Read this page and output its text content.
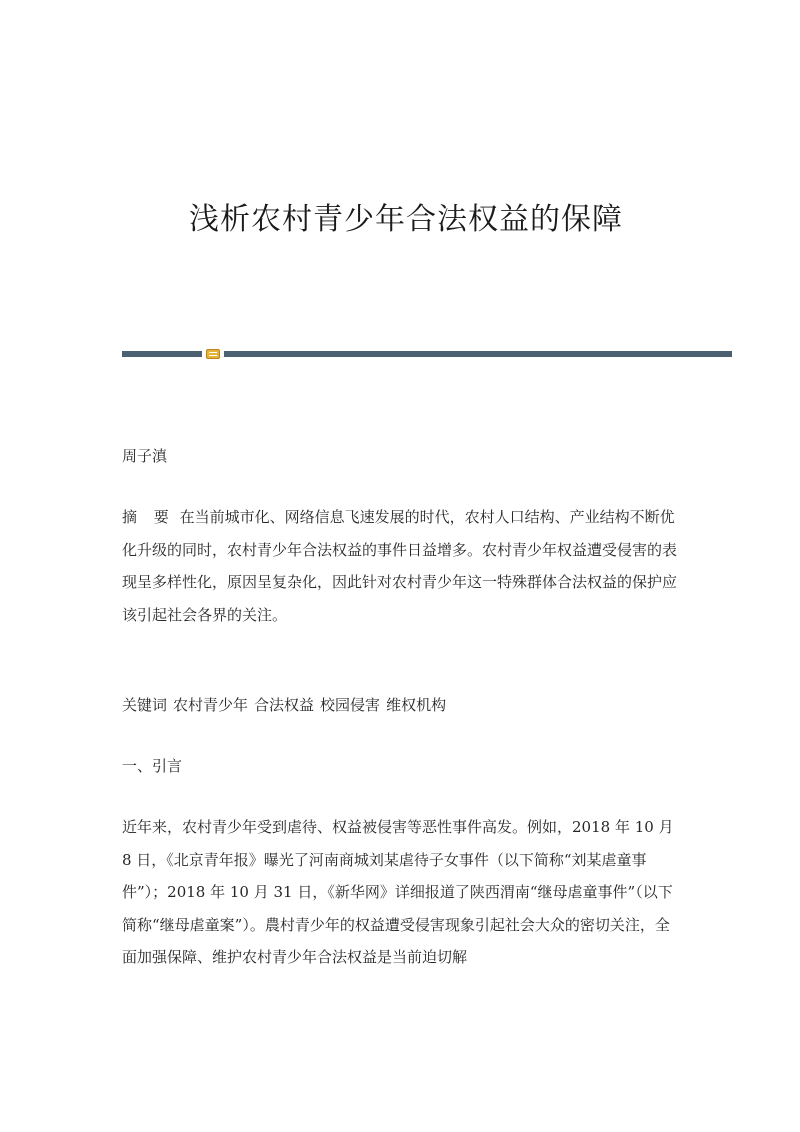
浅析农村青少年合法权益的保障
周子滇
摘 要 在当前城市化、网络信息飞速发展的时代，农村人口结构、产业结构不断优化升级的同时，农村青少年合法权益的事件日益增多。农村青少年权益遭受侵害的表现呈多样性化，原因呈复杂化，因此针对农村青少年这一特殊群体合法权益的保护应该引起社会各界的关注。
关键词 农村青少年 合法权益 校园侵害 维权机构
一、引言
近年来，农村青少年受到虐待、权益被侵害等恶性事件高发。例如，2018 年 10 月 8 日，《北京青年报》曝光了河南商城刘某虐待子女事件（以下简称“刘某虐童事件”）；2018 年 10 月 31 日，《新华网》详细报道了陕西渭南“继母虐童事件”（以下简称“继母虐童案”）。農村青少年的权益遭受侵害现象引起社会大众的密切关注，全面加强保障、维护农村青少年合法权益是当前迫切解
